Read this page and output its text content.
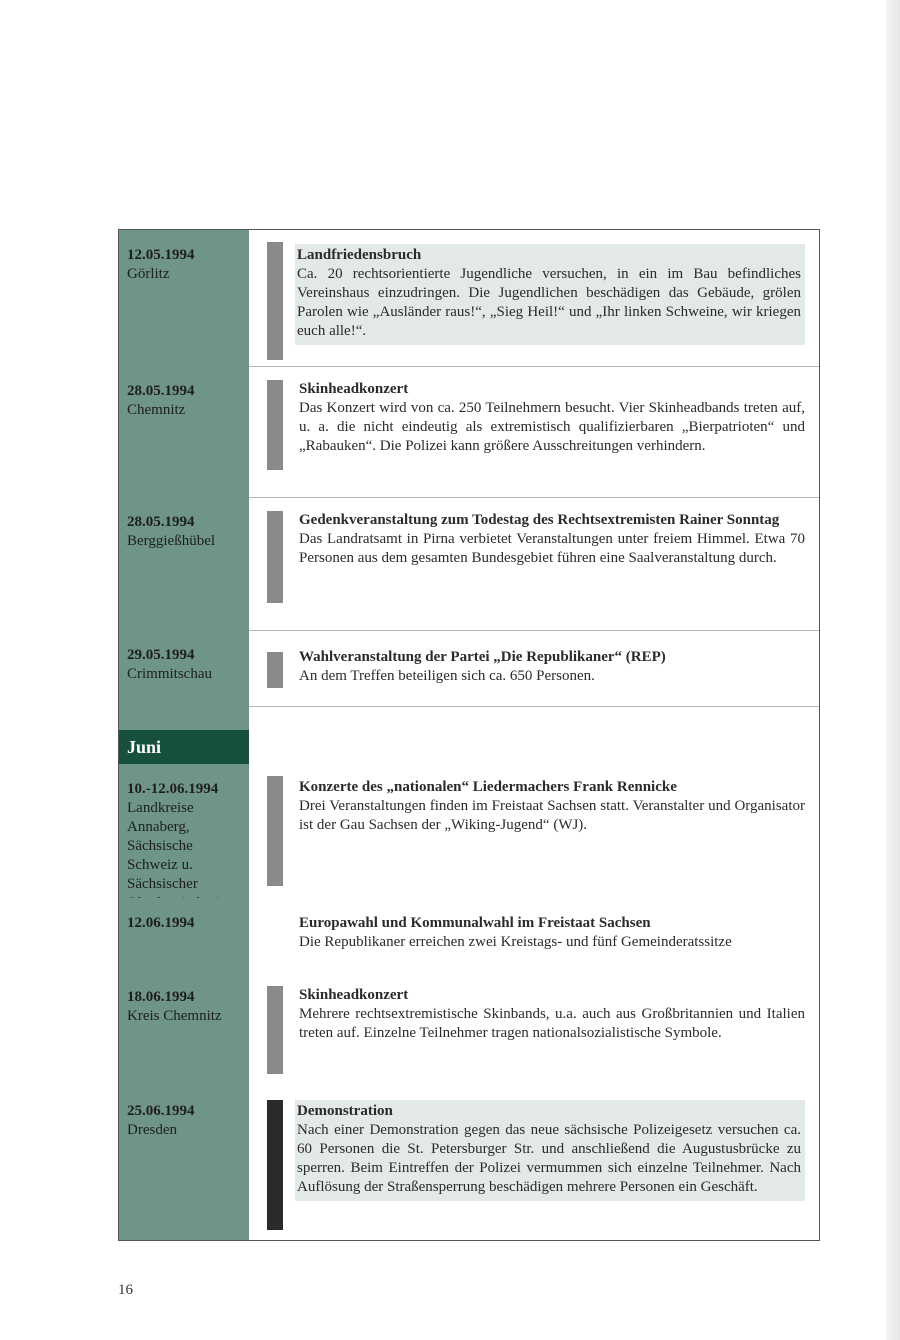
12.05.1994
Görlitz
Landfriedensbruch
Ca. 20 rechtsorientierte Jugendliche versuchen, in ein im Bau befindliches Vereinshaus einzudringen. Die Jugendlichen beschädigen das Gebäude, grölen Parolen wie „Ausländer raus!“, „Sieg Heil!“ und „Ihr linken Schweine, wir kriegen euch alle!“.
28.05.1994
Chemnitz
Skinheadkonzert
Das Konzert wird von ca. 250 Teilnehmern besucht. Vier Skinheadbands treten auf, u. a. die nicht eindeutig als extremistisch qualifizierbaren „Bierpatrioten“ und „Rabauken“. Die Polizei kann größere Ausschreitungen verhindern.
28.05.1994
Berggießhübel
Gedenkveranstaltung zum Todestag des Rechtsextremisten Rainer Sonntag
Das Landratsamt in Pirna verbietet Veranstaltungen unter freiem Himmel. Etwa 70 Personen aus dem gesamten Bundesgebiet führen eine Saalveranstaltung durch.
29.05.1994
Crimmitschau
Wahlveranstaltung der Partei „Die Republikaner“ (REP)
An dem Treffen beteiligen sich ca. 650 Personen.
Juni
10.-12.06.1994
Landkreise Annaberg, Sächsische Schweiz u. Sächsischer
Konzerte des „nationalen“ Liedermachers Frank Rennicke
Drei Veranstaltungen finden im Freistaat Sachsen statt. Veranstalter und Organisator ist der Gau Sachsen der „Wiking-Jugend“ (WJ).
12.06.1994	Europawahl und Kommunalwahl im Freistaat Sachsen
Die Republikaner erreichen zwei Kreistags- und fünf Gemeinderatssitze
18.06.1994
Kreis Chemnitz
Skinheadkonzert
Mehrere rechtsextremistische Skinbands, u.a. auch aus Großbritannien und Italien treten auf. Einzelne Teilnehmer tragen nationalsozialistische Symbole.
25.06.1994
Dresden
Demonstration
Nach einer Demonstration gegen das neue sächsische Polizeigesetz versuchen ca. 60 Personen die St. Petersburger Str. und anschließend die Augustusbrücke zu sperren. Beim Eintreffen der Polizei vermummen sich einzelne Teilnehmer. Nach Auflösung der Straßensperrung beschädigen mehrere Personen ein Geschäft.
16
